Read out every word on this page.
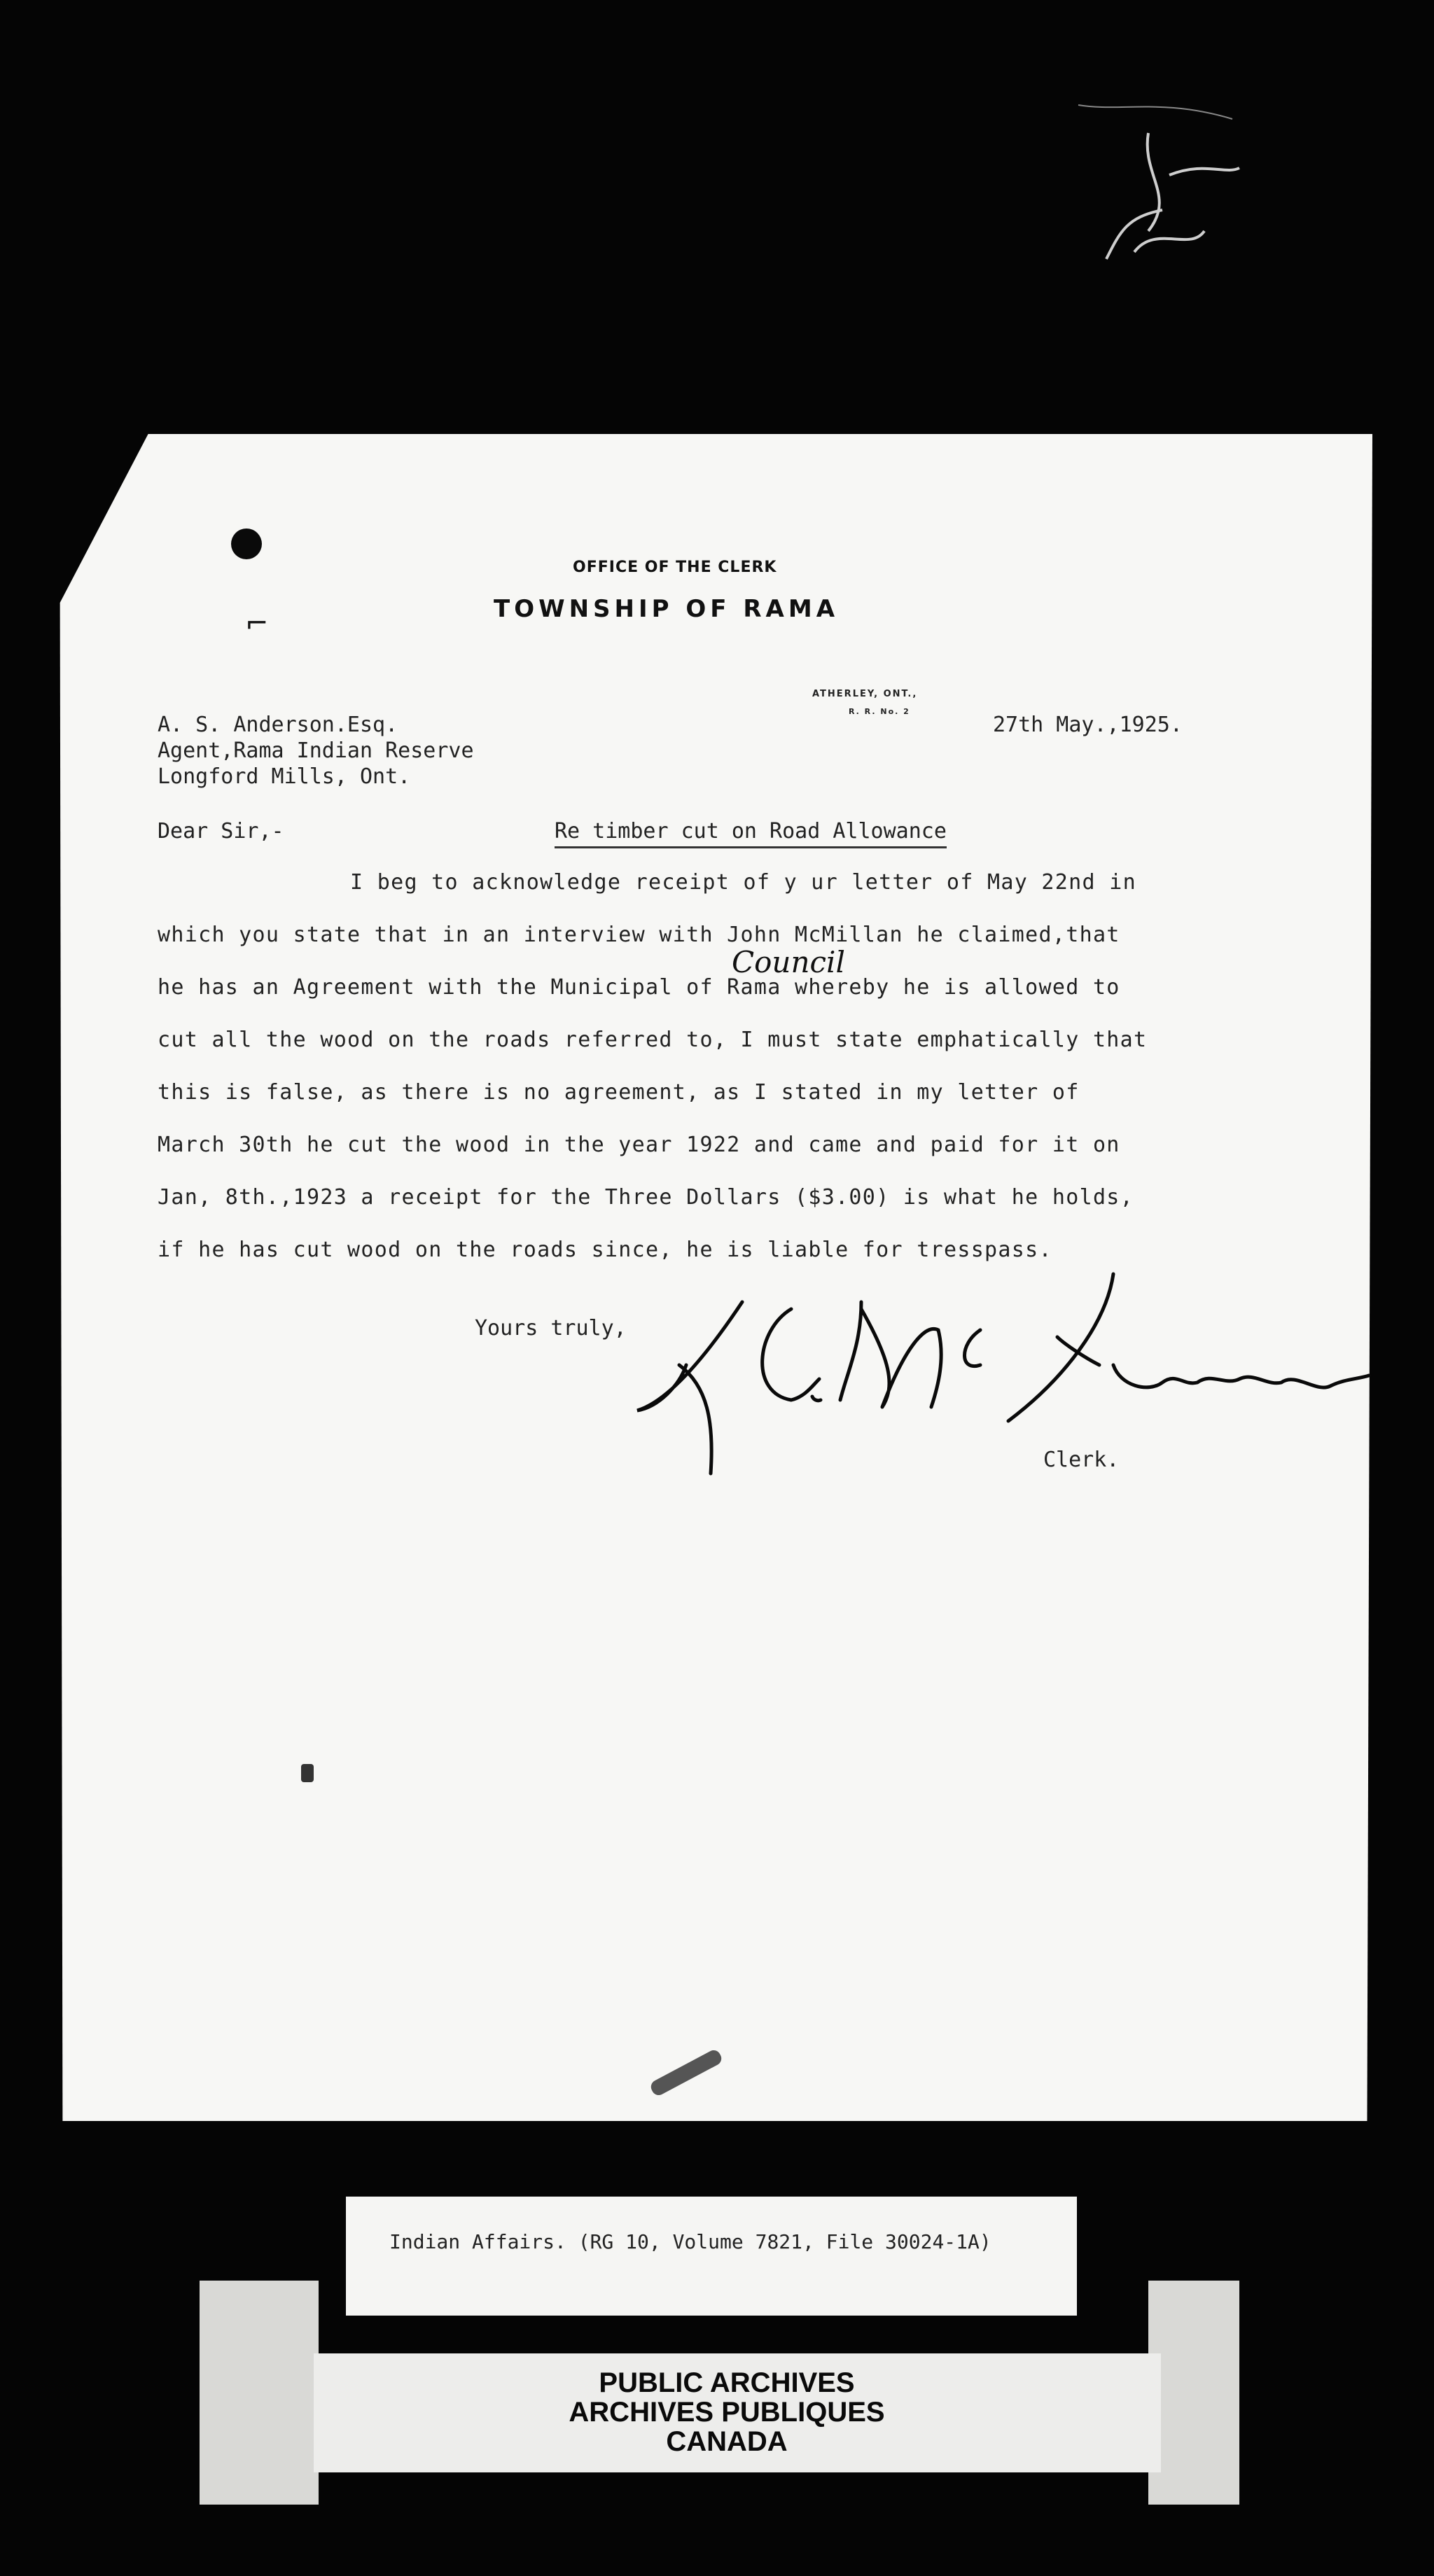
⌐
OFFICE OF THE CLERK
TOWNSHIP OF RAMA
ATHERLEY, ONT.,
R. R. No. 2
27th May.,1925.
A. S. Anderson.Esq.
Agent,Rama Indian Reserve
Longford Mills, Ont.
Dear Sir,-	Re timber cut on Road Allowance
I beg to acknowledge receipt of y ur letter of May 22nd in
which you state that in an interview with John McMillan he claimed,that
Council
he has an Agreement with the Municipal of Rama whereby he is allowed to
cut all the wood on the roads referred to, I must state emphatically that
this is false, as there is no agreement, as I stated in my letter of
March 30th he cut the wood in the year 1922 and came and paid for it on
Jan, 8th.,1923 a receipt for the Three Dollars ($3.00) is what he holds,
if he has cut wood on the roads since, he is liable for tresspass.
Yours truly,
L. C. McKinnon
Clerk.
Indian Affairs. (RG 10, Volume 7821, File 30024-1A)
PUBLIC ARCHIVES
ARCHIVES PUBLIQUES
CANADA
